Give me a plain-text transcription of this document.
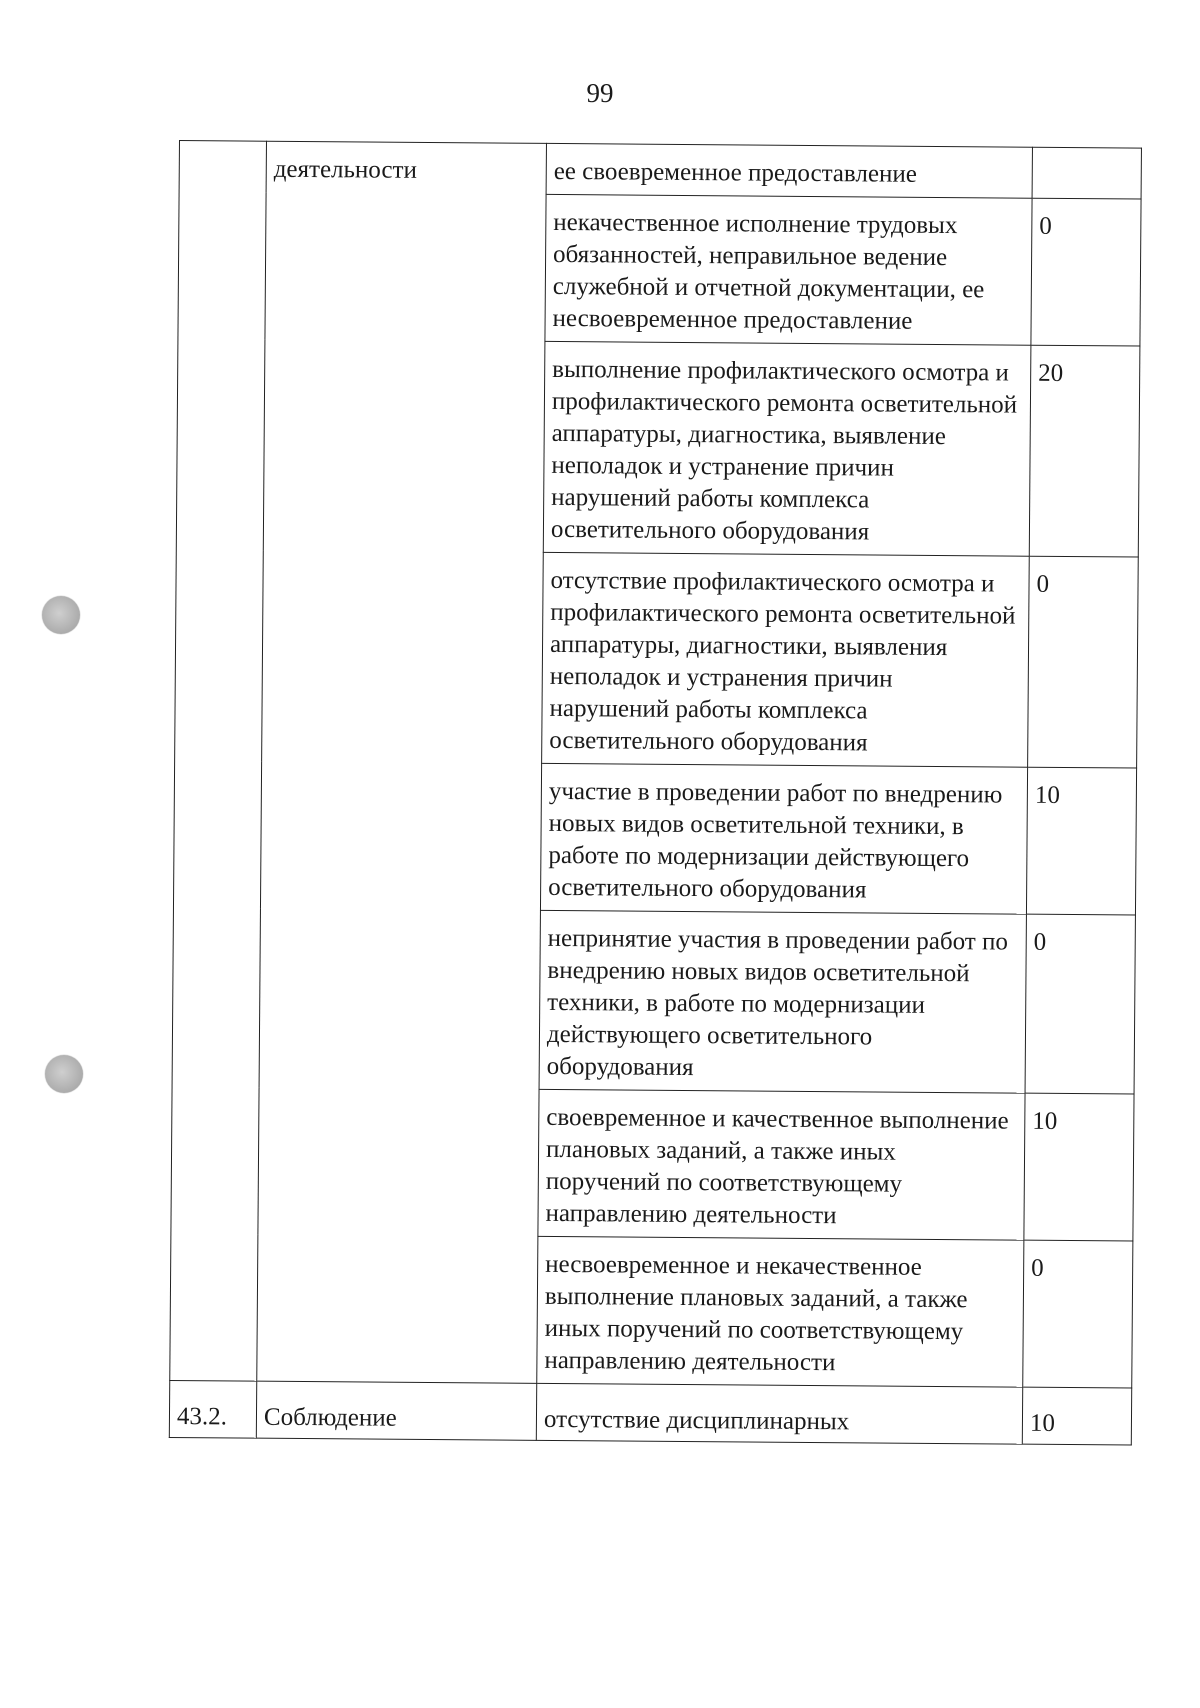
99
	деятельности	ее своевременное предоставление	
		некачественное исполнение трудовых обязанностей, неправильное ведение служебной и отчетной документации, ее несвоевременное предоставление	0
		выполнение профилактического осмотра и профилактического ремонта осветительной аппаратуры, диагностика, выявление неполадок и устранение причин нарушений работы комплекса осветительного оборудования	20
		отсутствие профилактического осмотра и профилактического ремонта осветительной аппаратуры, диагностики, выявления неполадок и устранения причин нарушений работы комплекса осветительного оборудования	0
		участие в проведении работ по внедрению новых видов осветительной техники, в работе по модернизации действующего осветительного оборудования	10
		непринятие участия в проведении работ по внедрению новых видов осветительной техники, в работе по модернизации действующего осветительного оборудования	0
		своевременное и качественное выполнение плановых заданий, а также иных поручений по соответствующему направлению деятельности	10
		несвоевременное и некачественное выполнение плановых заданий, а также иных поручений по соответствующему направлению деятельности	0
43.2.	Соблюдение	отсутствие дисциплинарных	10
